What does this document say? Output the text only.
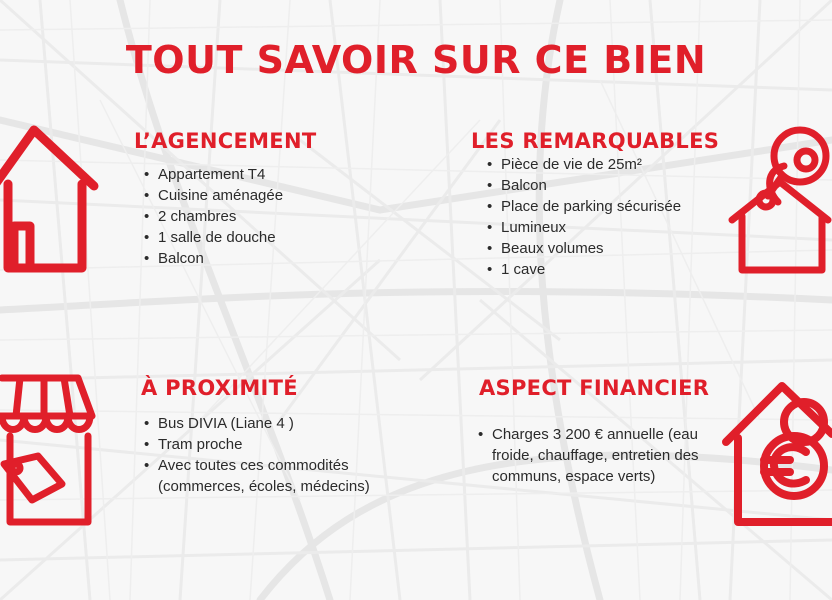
TOUT SAVOIR SUR CE BIEN
L’AGENCEMENT
• Appartement T4
• Cuisine aménagée
• 2 chambres
• 1 salle de douche
• Balcon
LES REMARQUABLES
• Pièce de vie de 25m²
• Balcon
• Place de parking sécurisée
• Lumineux
• Beaux volumes
• 1 cave
À PROXIMITÉ
• Bus DIVIA (Liane 4 )
• Tram proche
• Avec toutes ces commodités (commerces, écoles, médecins)
ASPECT FINANCIER
• Charges 3 200 € annuelle (eau froide, chauffage, entretien des communs, espace verts)
